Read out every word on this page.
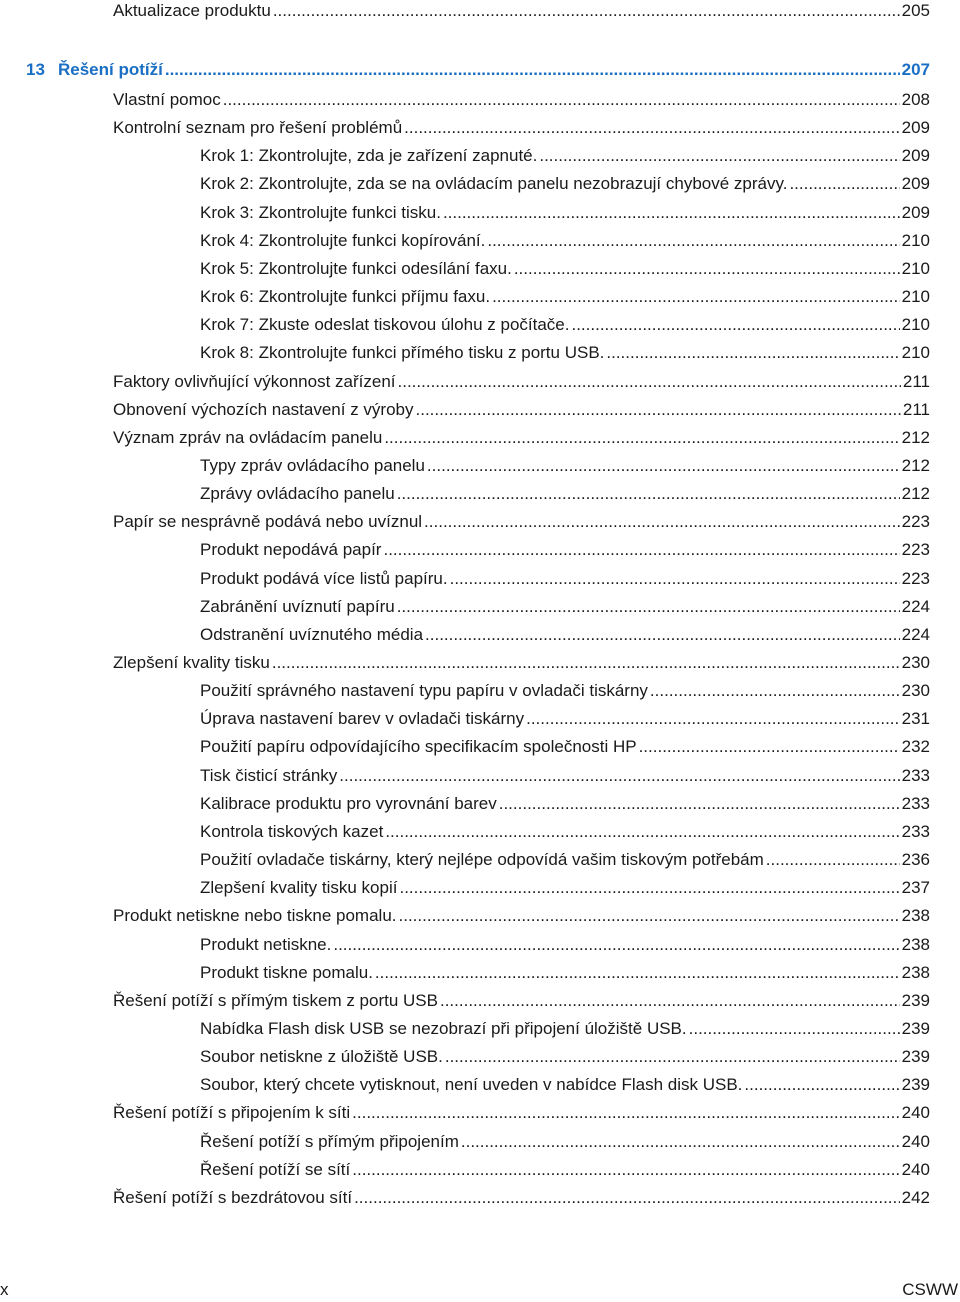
Aktualizace produktu .....	205
13 Řešení potíží .....	207
Vlastní pomoc .....	208
Kontrolní seznam pro řešení problémů .....	209
Krok 1: Zkontrolujte, zda je zařízení zapnuté. .....	209
Krok 2: Zkontrolujte, zda se na ovládacím panelu nezobrazují chybové zprávy. .....	209
Krok 3: Zkontrolujte funkci tisku. .....	209
Krok 4: Zkontrolujte funkci kopírování. .....	210
Krok 5: Zkontrolujte funkci odesílání faxu. .....	210
Krok 6: Zkontrolujte funkci příjmu faxu. .....	210
Krok 7: Zkuste odeslat tiskovou úlohu z počítače. .....	210
Krok 8: Zkontrolujte funkci přímého tisku z portu USB. .....	210
Faktory ovlivňující výkonnost zařízení .....	211
Obnovení výchozích nastavení z výroby .....	211
Význam zpráv na ovládacím panelu .....	212
Typy zpráv ovládacího panelu .....	212
Zprávy ovládacího panelu .....	212
Papír se nesprávně podává nebo uvíznul .....	223
Produkt nepodává papír .....	223
Produkt podává více listů papíru. .....	223
Zabránění uvíznutí papíru .....	224
Odstranění uvíznutého média .....	224
Zlepšení kvality tisku .....	230
Použití správného nastavení typu papíru v ovladači tiskárny .....	230
Úprava nastavení barev v ovladači tiskárny .....	231
Použití papíru odpovídajícího specifikacím společnosti HP .....	232
Tisk čisticí stránky .....	233
Kalibrace produktu pro vyrovnání barev .....	233
Kontrola tiskových kazet .....	233
Použití ovladače tiskárny, který nejlépe odpovídá vašim tiskovým potřebám .....	236
Zlepšení kvality tisku kopií .....	237
Produkt netiskne nebo tiskne pomalu. .....	238
Produkt netiskne. .....	238
Produkt tiskne pomalu. .....	238
Řešení potíží s přímým tiskem z portu USB .....	239
Nabídka Flash disk USB se nezobrazí při připojení úložiště USB. .....	239
Soubor netiskne z úložiště USB. .....	239
Soubor, který chcete vytisknout, není uveden v nabídce Flash disk USB. .....	239
Řešení potíží s připojením k síti .....	240
Řešení potíží s přímým připojením .....	240
Řešení potíží se sítí .....	240
Řešení potíží s bezdrátovou sítí .....	242
x	CSWW
